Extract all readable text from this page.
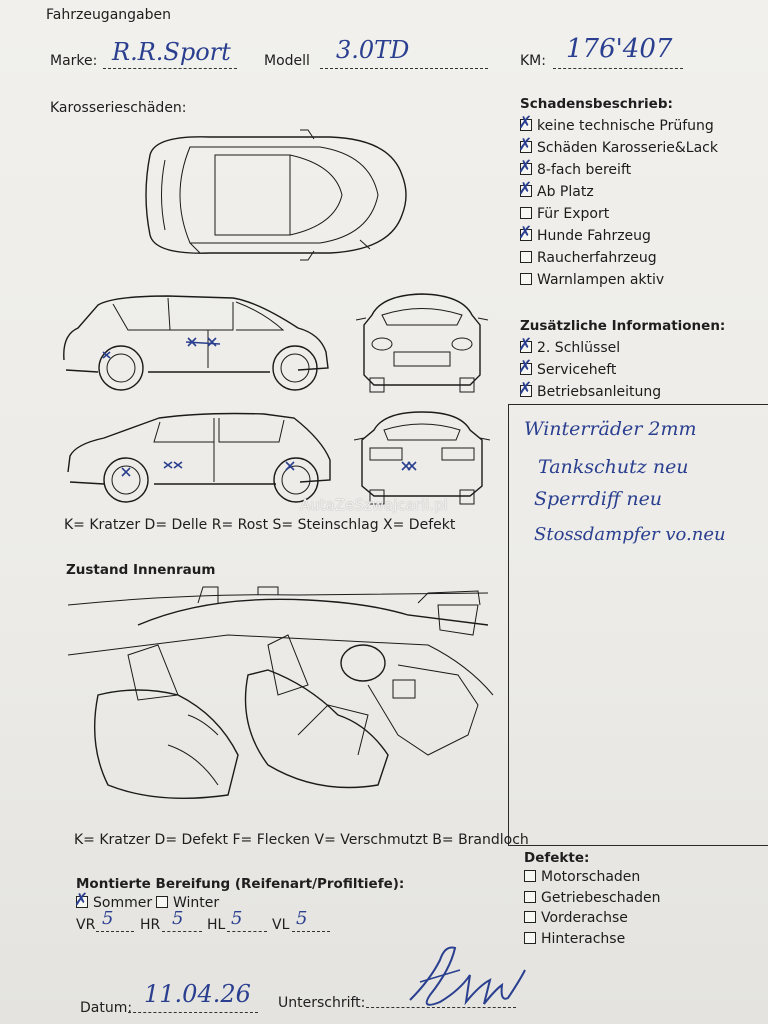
Fahrzeugangaben
Marke: R.R.Sport Modell 3.0TD	KM: 176'407
Karosserieschäden:
AutaZeSzwajcarii.pl
K= Kratzer D= Delle R= Rost S= Steinschlag X= Defekt
Schadensbeschrieb:
✗keine technische Prüfung
✗Schäden Karosserie&Lack
✗8-fach bereift
✗Ab Platz
Für Export
✗Hunde Fahrzeug
Raucherfahrzeug
Warnlampen aktiv
Zusätzliche Informationen:
✗2. Schlüssel
✗Serviceheft
✗Betriebsanleitung
Winterräder 2mm
Tankschutz neu
Sperrdiff neu
Stossdampfer vo.neu
Zustand Innenraum
K= Kratzer D= Defekt F= Flecken V= Verschmutzt B= Brandloch
Montierte Bereifung (Reifenart/Profiltiefe):
✗Sommer	Winter
VR 5 HR 5 HL 5 VL 5
Defekte:
Motorschaden
Getriebeschaden
Vorderachse
Hinterachse
Datum: 11.04.26 Unterschrift:
